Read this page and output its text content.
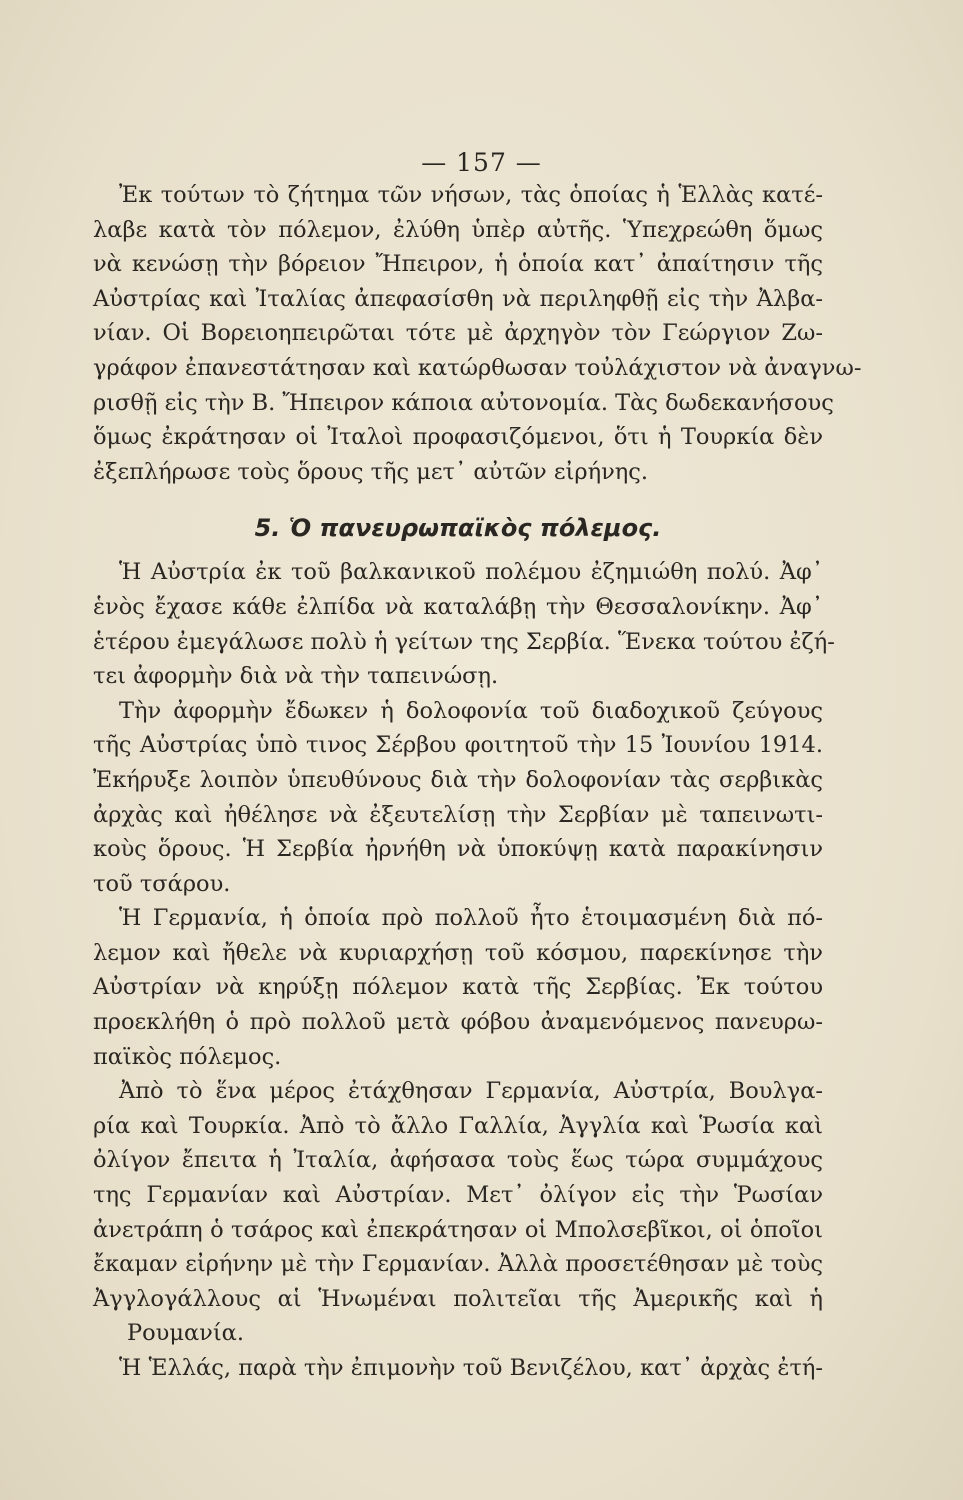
— 157 —
Ἐκ τούτων τὸ ζήτημα τῶν νήσων, τὰς ὁποίας ἡ Ἑλλὰς κατέ-
λαβε κατὰ τὸν πόλεμον, ἐλύθη ὑπὲρ αὐτῆς. Ὑπεχρεώθη ὅμως
νὰ κενώσῃ τὴν βόρειον Ἤπειρον, ἡ ὁποία κατ᾿ ἀπαίτησιν τῆς
Αὐστρίας καὶ Ἰταλίας ἀπεφασίσθη νὰ περιληφθῇ εἰς τὴν Ἀλβα-
νίαν. Οἱ Βορειοηπειρῶται τότε μὲ ἀρχηγὸν τὸν Γεώργιον Ζω-
γράφον ἐπανεστάτησαν καὶ κατώρθωσαν τοὐλάχιστον νὰ ἀναγνω-
ρισθῇ εἰς τὴν Β. Ἤπειρον κάποια αὐτονομία. Τὰς δωδεκανήσους
ὅμως ἐκράτησαν οἱ Ἰταλοὶ προφασιζόμενοι, ὅτι ἡ Τουρκία δὲν
ἐξεπλήρωσε τοὺς ὅρους τῆς μετ᾿ αὐτῶν εἰρήνης.
5. Ὁ πανευρωπαϊκὸς πόλεμος.
Ἡ Αὐστρία ἐκ τοῦ βαλκανικοῦ πολέμου ἐζημιώθη πολύ. Ἀφ᾿
ἑνὸς ἔχασε κάθε ἐλπίδα νὰ καταλάβῃ τὴν Θεσσαλονίκην. Ἀφ᾿
ἑτέρου ἐμεγάλωσε πολὺ ἡ γείτων της Σερβία. Ἕνεκα τούτου ἐζή-
τει ἀφορμὴν διὰ νὰ τὴν ταπεινώσῃ.
Τὴν ἀφορμὴν ἔδωκεν ἡ δολοφονία τοῦ διαδοχικοῦ ζεύγους
τῆς Αὐστρίας ὑπὸ τινος Σέρβου φοιτητοῦ τὴν 15 Ἰουνίου 1914.
Ἐκήρυξε λοιπὸν ὑπευθύνους διὰ τὴν δολοφονίαν τὰς σερβικὰς
ἀρχὰς καὶ ἠθέλησε νὰ ἐξευτελίσῃ τὴν Σερβίαν μὲ ταπεινωτι-
κοὺς ὅρους. Ἡ Σερβία ἠρνήθη νὰ ὑποκύψῃ κατὰ παρακίνησιν
τοῦ τσάρου.
Ἡ Γερμανία, ἡ ὁποία πρὸ πολλοῦ ἦτο ἑτοιμασμένη διὰ πό-
λεμον καὶ ἤθελε νὰ κυριαρχήσῃ τοῦ κόσμου, παρεκίνησε τὴν
Αὐστρίαν νὰ κηρύξῃ πόλεμον κατὰ τῆς Σερβίας. Ἐκ τούτου
προεκλήθη ὁ πρὸ πολλοῦ μετὰ φόβου ἀναμενόμενος πανευρω-
παϊκὸς πόλεμος.
Ἀπὸ τὸ ἕνα μέρος ἐτάχθησαν Γερμανία, Αὐστρία, Βουλγα-
ρία καὶ Τουρκία. Ἀπὸ τὸ ἄλλο Γαλλία, Ἀγγλία καὶ Ῥωσία καὶ
ὀλίγον ἔπειτα ἡ Ἰταλία, ἀφήσασα τοὺς ἕως τώρα συμμάχους
της Γερμανίαν καὶ Αὐστρίαν. Μετ᾿ ὀλίγον εἰς τὴν Ῥωσίαν
ἀνετράπη ὁ τσάρος καὶ ἐπεκράτησαν οἱ Μπολσεβῖκοι, οἱ ὁποῖοι
ἔκαμαν εἰρήνην μὲ τὴν Γερμανίαν. Ἀλλὰ προσετέθησαν μὲ τοὺς
Ἀγγλογάλλους αἱ Ἡνωμέναι πολιτεῖαι τῆς Ἀμερικῆς καὶ ἡ
Ρουμανία.
Ἡ Ἑλλάς, παρὰ τὴν ἐπιμονὴν τοῦ Βενιζέλου, κατ᾿ ἀρχὰς ἐτή-
